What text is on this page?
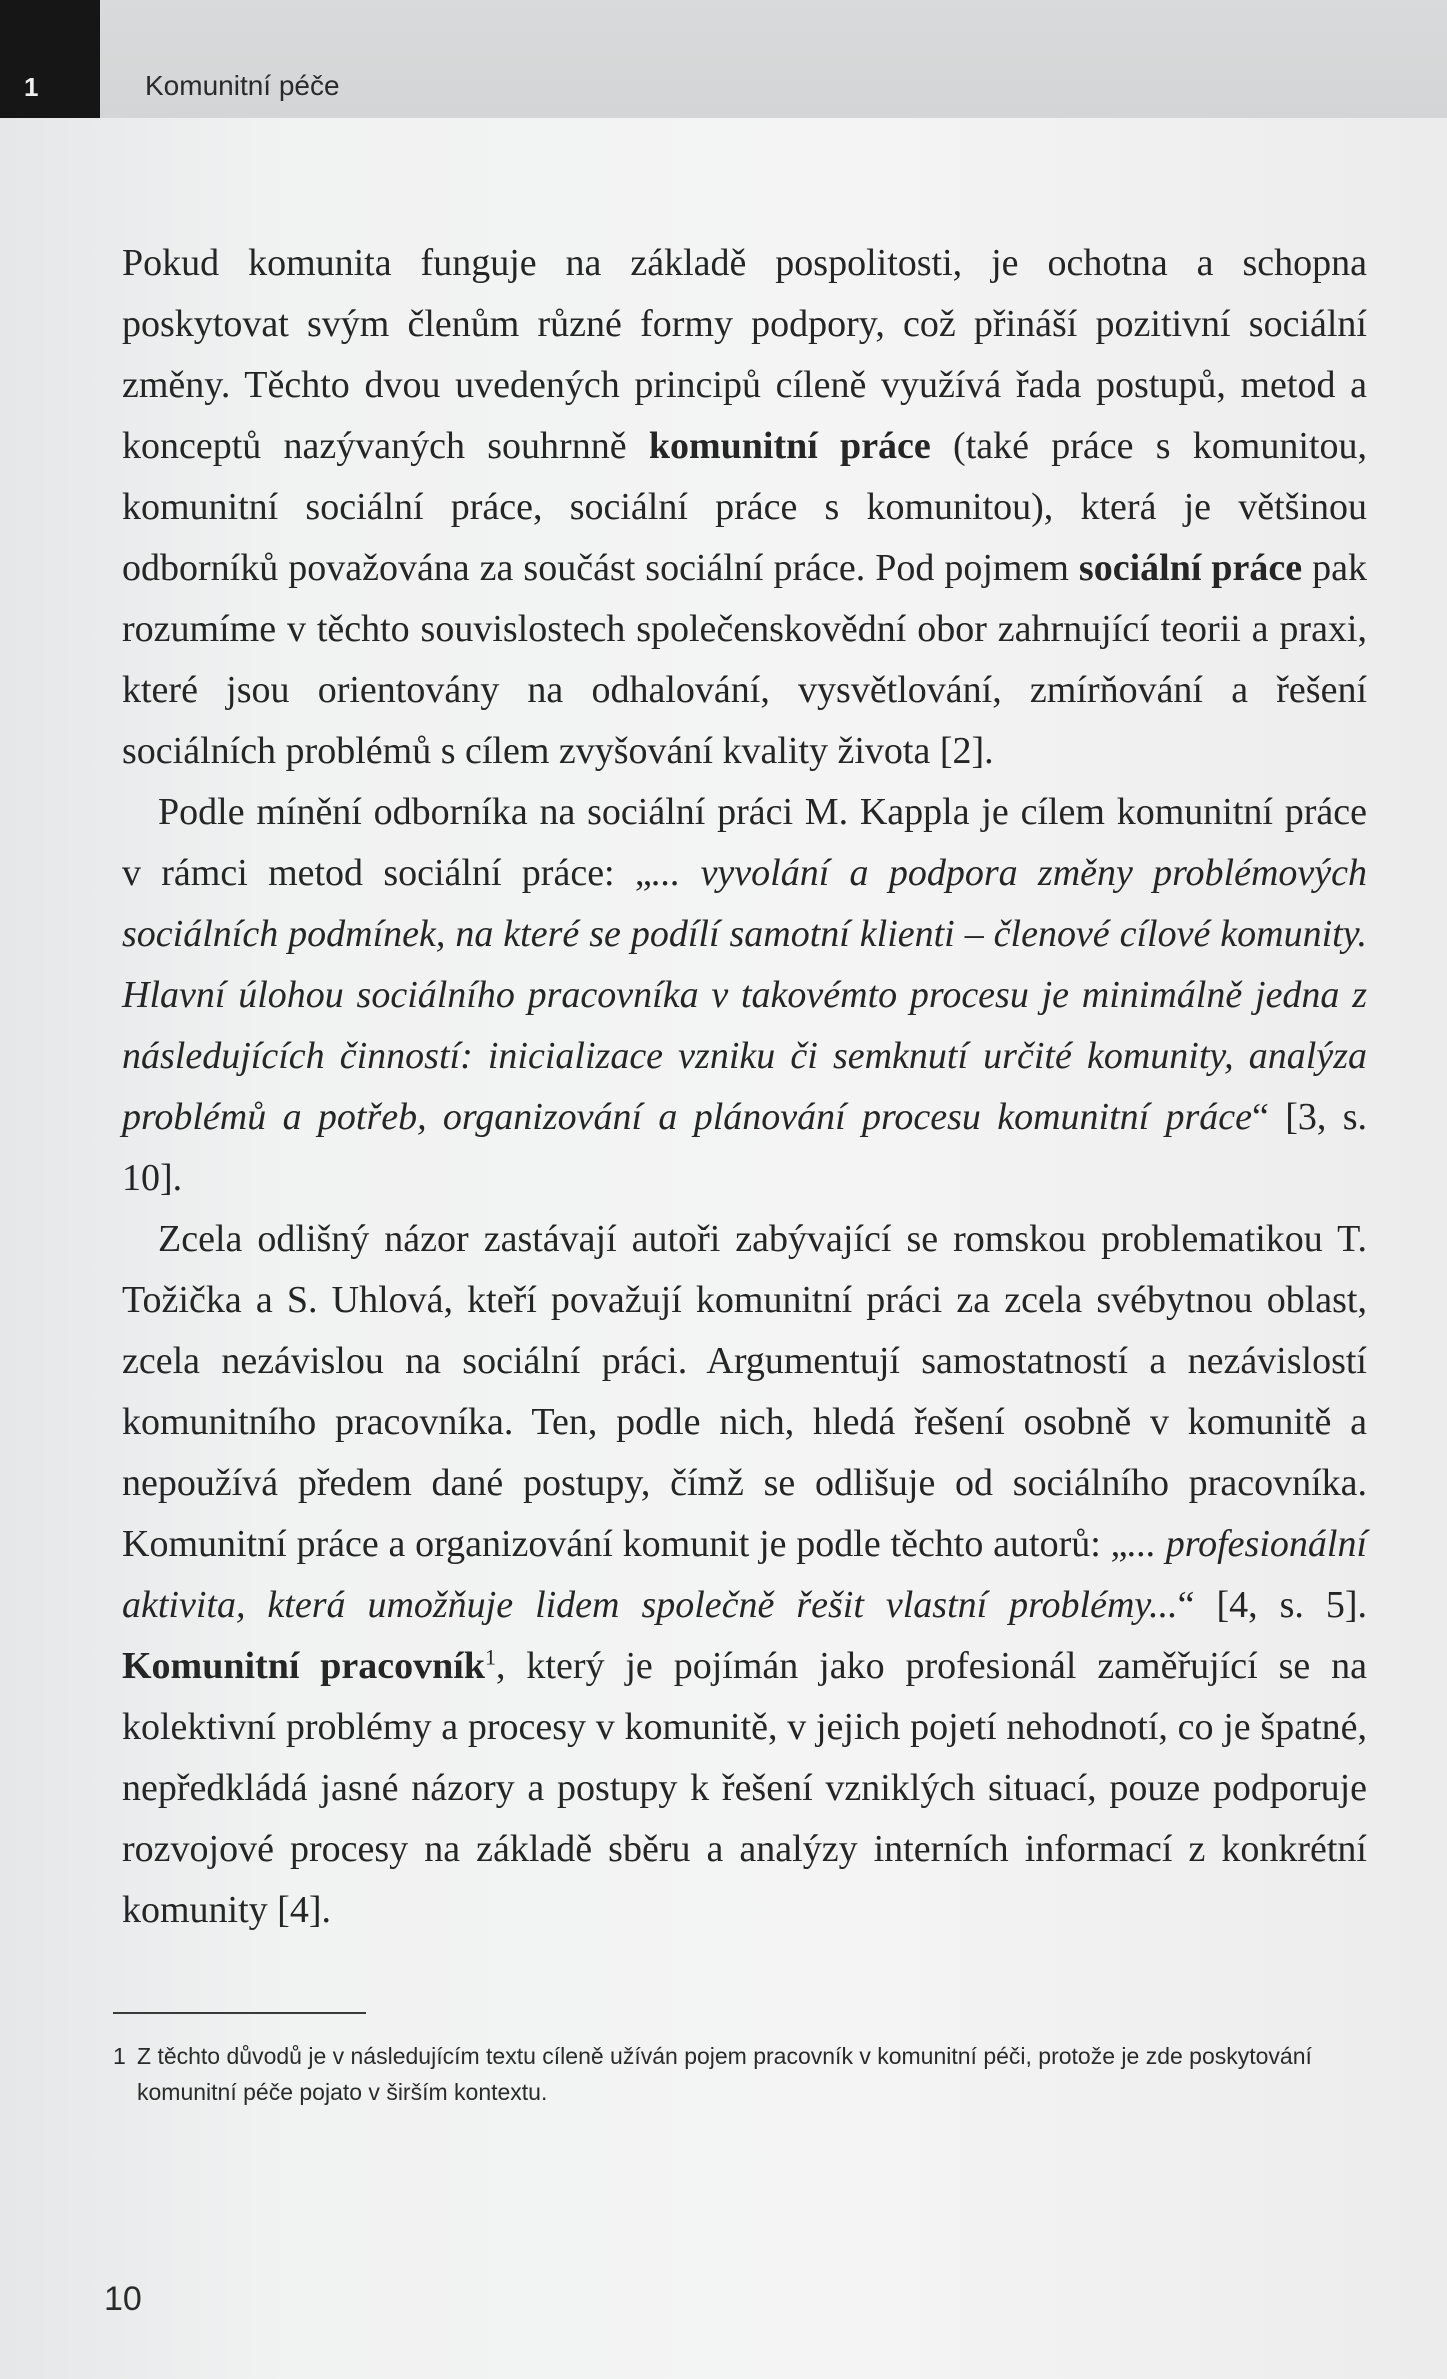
1	Komunitní péče

Pokud komunita funguje na základě pospolitosti, je ochotna a schopna poskytovat svým členům různé formy podpory, což přináší pozitivní sociální změny. Těchto dvou uvedených principů cíleně využívá řada postupů, metod a konceptů nazývaných souhrnně komunitní práce (také práce s komunitou, komunitní sociální práce, sociální práce s komunitou), která je většinou odborníků považována za součást sociální práce. Pod pojmem sociální práce pak rozumíme v těchto souvislostech společenskovědní obor zahrnující teorii a praxi, které jsou orientovány na odhalování, vysvětlování, zmírňování a řešení sociálních problémů s cílem zvyšování kvality života [2].

Podle mínění odborníka na sociální práci M. Kappla je cílem komunitní práce v rámci metod sociální práce: „... vyvolání a podpora změny problémových sociálních podmínek, na které se podílí samotní klienti – členové cílové komunity. Hlavní úlohou sociálního pracovníka v takovémto procesu je minimálně jedna z následujících činností: inicializace vzniku či semknutí určité komunity, analýza problémů a potřeb, organizování a plánování procesu komunitní práce“ [3, s. 10].

Zcela odlišný názor zastávají autoři zabývající se romskou problematikou T. Tožička a S. Uhlová, kteří považují komunitní práci za zcela svébytnou oblast, zcela nezávislou na sociální práci. Argumentují samostatností a nezávislostí komunitního pracovníka. Ten, podle nich, hledá řešení osobně v komunitě a nepoužívá předem dané postupy, čímž se odlišuje od sociálního pracovníka. Komunitní práce a organizování komunit je podle těchto autorů: „... profesionální aktivita, která umožňuje lidem společně řešit vlastní problémy...“ [4, s. 5]. Komunitní pracovník$^1$, který je pojímán jako profesionál zaměřující se na kolektivní problémy a procesy v komunitě, v jejich pojetí nehodnotí, co je špatné, nepředkládá jasné názory a postupy k řešení vzniklých situací, pouze podporuje rozvojové procesy na základě sběru a analýzy interních informací z konkrétní komunity [4].

1 Z těchto důvodů je v následujícím textu cíleně užíván pojem pracovník v komunitní péči, protože je zde poskytování komunitní péče pojato v širším kontextu.
10
